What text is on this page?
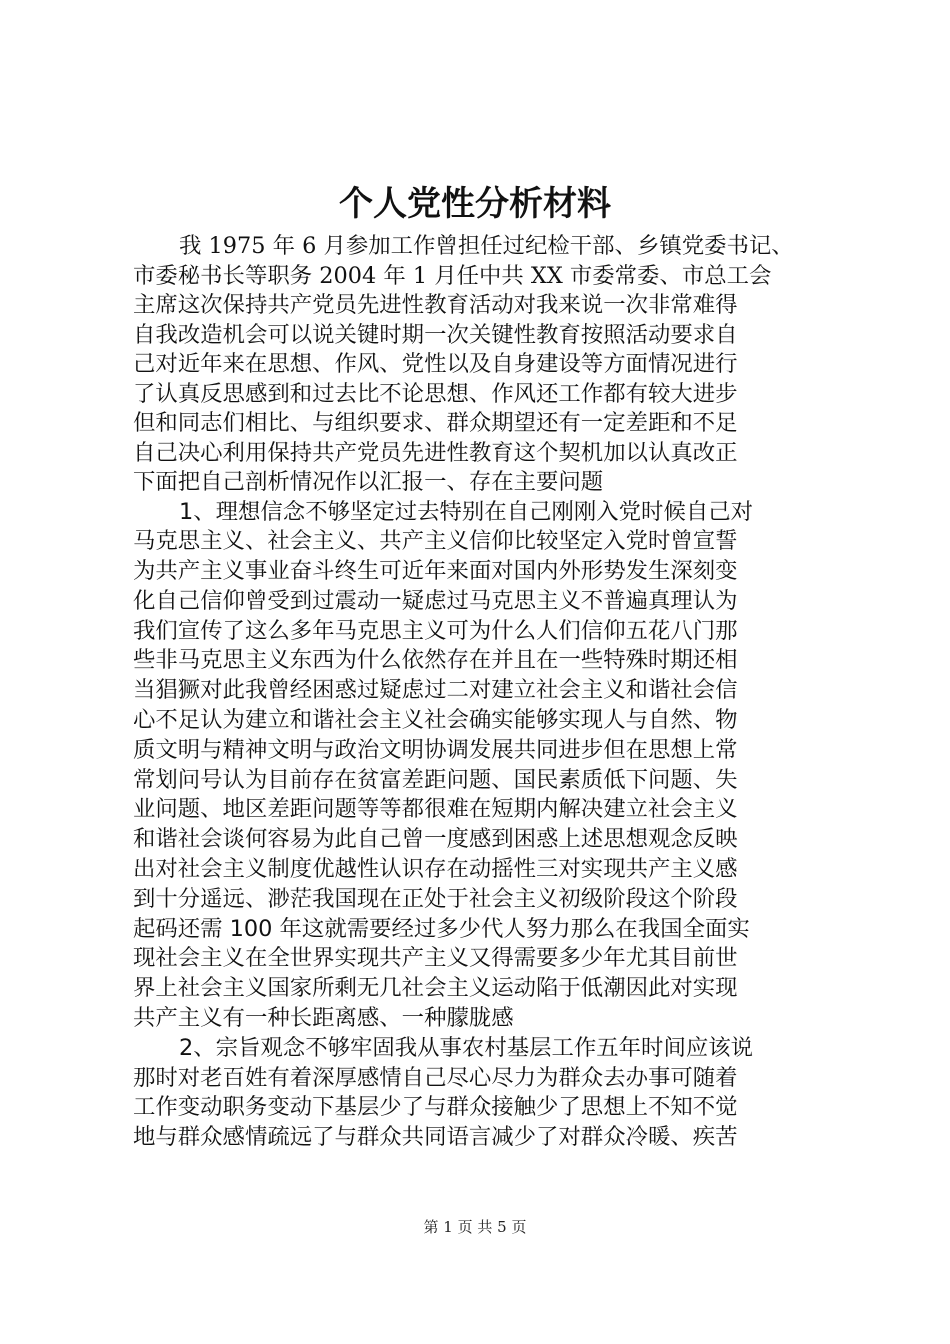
个人党性分析材料
我 1975 年 6 月参加工作曾担任过纪检干部、乡镇党委书记、
市委秘书长等职务 2004 年 1 月任中共 XX 市委常委、市总工会
主席这次保持共产党员先进性教育活动对我来说一次非常难得
自我改造机会可以说关键时期一次关键性教育按照活动要求自
己对近年来在思想、作风、党性以及自身建设等方面情况进行
了认真反思感到和过去比不论思想、作风还工作都有较大进步
但和同志们相比、与组织要求、群众期望还有一定差距和不足
自己决心利用保持共产党员先进性教育这个契机加以认真改正
下面把自己剖析情况作以汇报一、存在主要问题
1、理想信念不够坚定过去特别在自己刚刚入党时候自己对
马克思主义、社会主义、共产主义信仰比较坚定入党时曾宣誓
为共产主义事业奋斗终生可近年来面对国内外形势发生深刻变
化自己信仰曾受到过震动一疑虑过马克思主义不普遍真理认为
我们宣传了这么多年马克思主义可为什么人们信仰五花八门那
些非马克思主义东西为什么依然存在并且在一些特殊时期还相
当猖獗对此我曾经困惑过疑虑过二对建立社会主义和谐社会信
心不足认为建立和谐社会主义社会确实能够实现人与自然、物
质文明与精神文明与政治文明协调发展共同进步但在思想上常
常划问号认为目前存在贫富差距问题、国民素质低下问题、失
业问题、地区差距问题等等都很难在短期内解决建立社会主义
和谐社会谈何容易为此自己曾一度感到困惑上述思想观念反映
出对社会主义制度优越性认识存在动摇性三对实现共产主义感
到十分遥远、渺茫我国现在正处于社会主义初级阶段这个阶段
起码还需 100 年这就需要经过多少代人努力那么在我国全面实
现社会主义在全世界实现共产主义又得需要多少年尤其目前世
界上社会主义国家所剩无几社会主义运动陷于低潮因此对实现
共产主义有一种长距离感、一种朦胧感
2、宗旨观念不够牢固我从事农村基层工作五年时间应该说
那时对老百姓有着深厚感情自己尽心尽力为群众去办事可随着
工作变动职务变动下基层少了与群众接触少了思想上不知不觉
地与群众感情疏远了与群众共同语言减少了对群众冷暖、疾苦
第 1 页 共 5 页
